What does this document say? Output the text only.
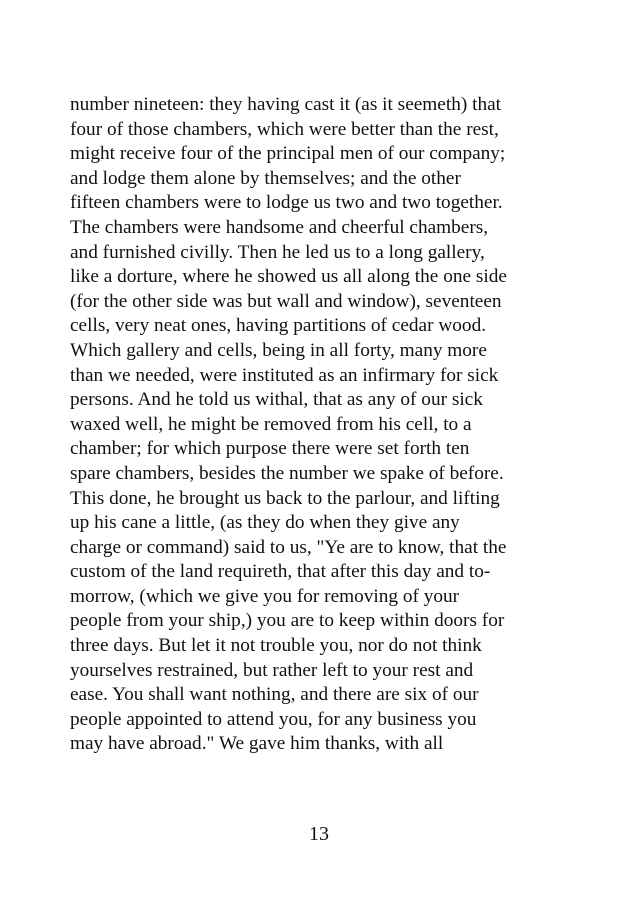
number nineteen: they having cast it (as it seemeth) that
four of those chambers, which were better than the rest,
might receive four of the principal men of our company;
and lodge them alone by themselves; and the other
fifteen chambers were to lodge us two and two together.
The chambers were handsome and cheerful chambers,
and furnished civilly. Then he led us to a long gallery,
like a dorture, where he showed us all along the one side
(for the other side was but wall and window), seventeen
cells, very neat ones, having partitions of cedar wood.
Which gallery and cells, being in all forty, many more
than we needed, were instituted as an infirmary for sick
persons. And he told us withal, that as any of our sick
waxed well, he might be removed from his cell, to a
chamber; for which purpose there were set forth ten
spare chambers, besides the number we spake of before.
This done, he brought us back to the parlour, and lifting
up his cane a little, (as they do when they give any
charge or command) said to us, "Ye are to know, that the
custom of the land requireth, that after this day and to-
morrow, (which we give you for removing of your
people from your ship,) you are to keep within doors for
three days. But let it not trouble you, nor do not think
yourselves restrained, but rather left to your rest and
ease. You shall want nothing, and there are six of our
people appointed to attend you, for any business you
may have abroad." We gave him thanks, with all

13
